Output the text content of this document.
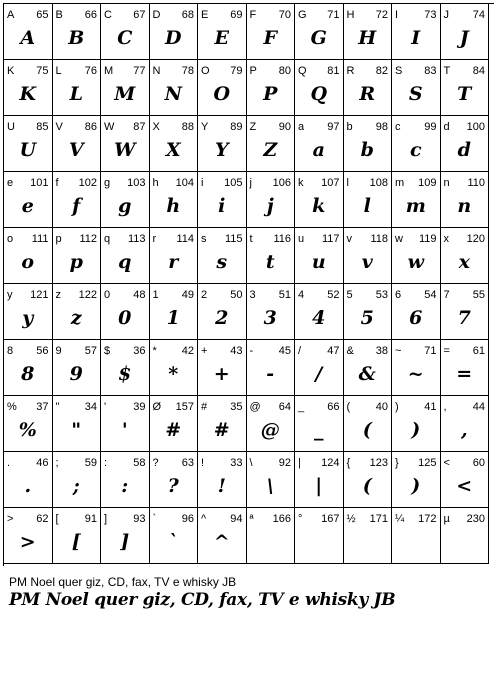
A 65
A
B 66
B
C 67
C
D 68
D
E 69
E
F 70
F
G 71
G
H 72
H
I 73
I
J 74
J
K 75
K
L 76
L
M 77
M
N 78
N
O 79
O
P 80
P
Q 81
Q
R 82
R
S 83
S
T 84
T
U 85
U
V 86
V
W 87
W
X 88
X
Y 89
Y
Z 90
Z
a 97
a
b 98
b
c 99
c
d 100
d
e 101
e
f 102
f
g 103
g
h 104
h
i 105
i
j 106
j
k 107
k
l 108
l
m 109
m
n 110
n
o 111
o
p 112
p
q 113
q
r 114
r
s 115
s
t 116
t
u 117
u
v 118
v
w 119
w
x 120
x
y 121
y
z 122
z
0 48
0
1 49
1
2 50
2
3 51
3
4 52
4
5 53
5
6 54
6
7 55
7
8 56
8
9 57
9
$ 36
$
* 42
*
+ 43
+
- 45
-
/ 47
/
& 38
&
~ 71
~
= 61
=
% 37
%
" 34
"
' 39
'
Ø 157
#
# 35
#
@ 64
@
_ 66
_
( 40
(
) 41
)
, 44
,
. 46
.
; 59
;
: 58
:
? 63
?
! 33
!
\ 92
\
| 124
|
{ 123
(
} 125
)
< 60
<
> 62
>
[ 91
[
] 93
]
` 96
`
^ 94
^
ª 166 ° 167 ½ 171 ¼ 172 µ 230
PM Noel quer giz, CD, fax, TV e whisky JB
PM Noel quer giz, CD, fax, TV e whisky JB
